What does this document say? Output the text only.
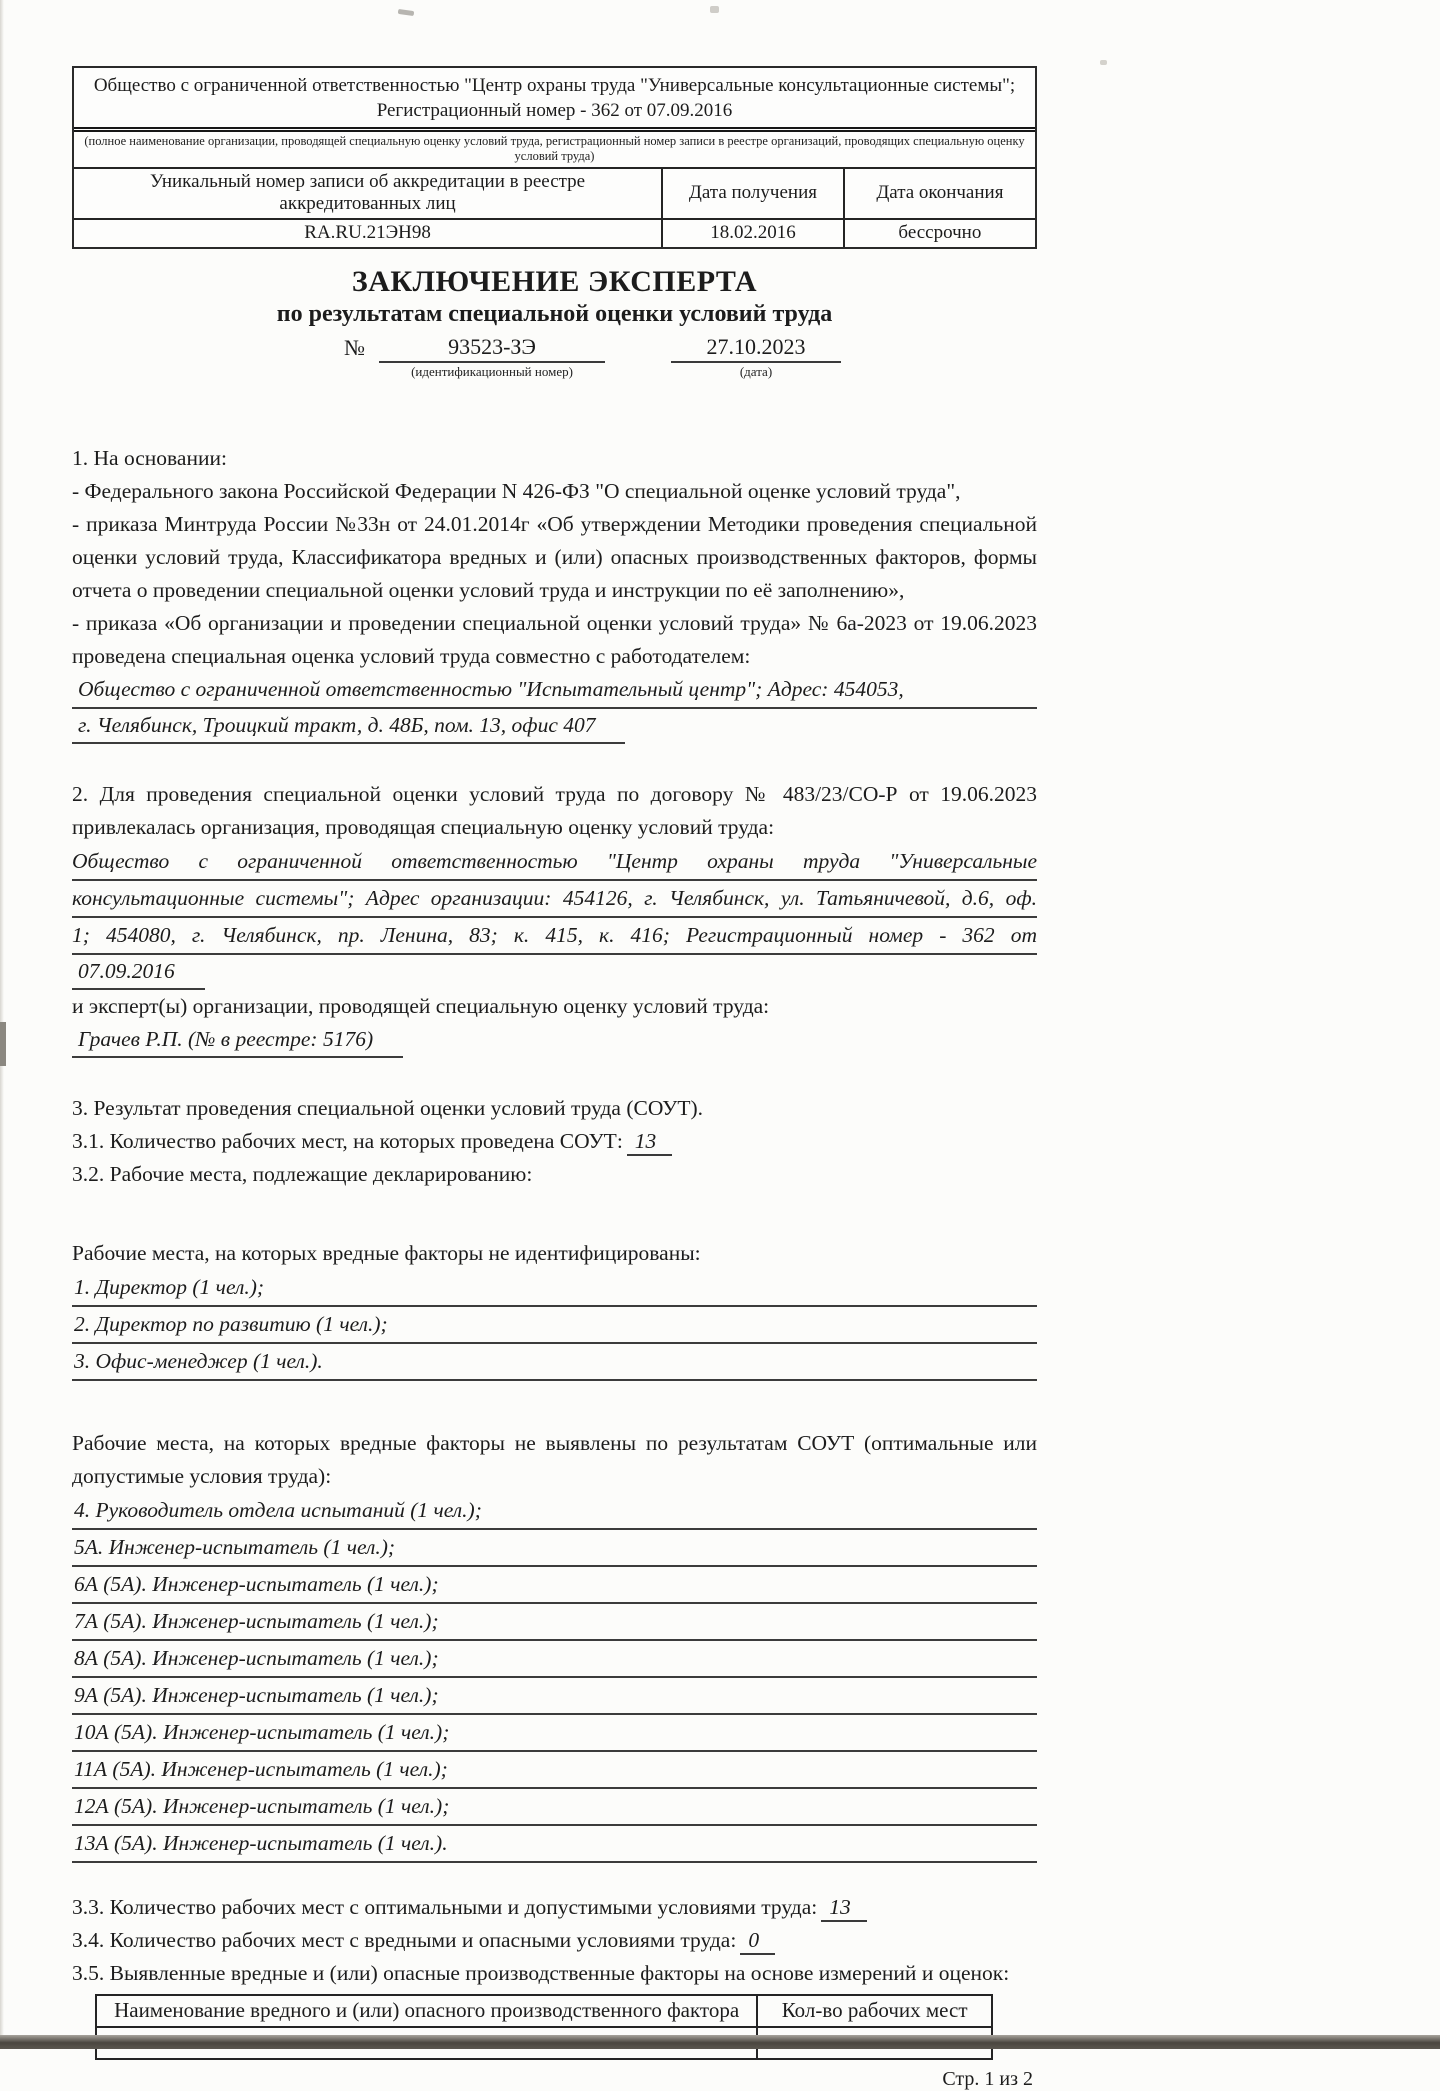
Общество с ограниченной ответственностью "Центр охраны труда "Универсальные консультационные системы"; Регистрационный номер - 362 от 07.09.2016
(полное наименование организации, проводящей специальную оценку условий труда, регистрационный номер записи в реестре организаций, проводящих специальную оценку условий труда)
Уникальный номер записи об аккредитации в реестре аккредитованных лиц	Дата получения	Дата окончания
RA.RU.21ЭН98	18.02.2016	бессрочно
ЗАКЛЮЧЕНИЕ ЭКСПЕРТА
по результатам специальной оценки условий труда
№	93523-ЗЭ
(идентификационный номер)
27.10.2023
(дата)

1. На основании:

- Федерального закона Российской Федерации N 426-ФЗ "О специальной оценке условий труда",

- приказа Минтруда России №33н от 24.01.2014г «Об утверждении Методики проведения специальной оценки условий труда, Классификатора вредных и (или) опасных производственных факторов, формы отчета о проведении специальной оценки условий труда и инструкции по её заполнению»,

- приказа «Об организации и проведении специальной оценки условий труда» № 6а-2023 от 19.06.2023 проведена специальная оценка условий труда совместно с работодателем:

Общество с ограниченной ответственностью "Испытательный центр"; Адрес: 454053,
г. Челябинск, Троицкий тракт, д. 48Б, пом. 13, офис 407

2. Для проведения специальной оценки условий труда по договору № 483/23/СО-Р от 19.06.2023 привлекалась организация, проводящая специальную оценку условий труда:

Общество с ограниченной ответственностью "Центр охраны труда "Универсальные
консультационные системы"; Адрес организации: 454126, г. Челябинск, ул. Татьяничевой, д.6, оф.
1; 454080, г. Челябинск, пр. Ленина, 83; к. 415, к. 416; Регистрационный номер - 362 от
07.09.2016

и эксперт(ы) организации, проводящей специальную оценку условий труда:

Грачев Р.П. (№ в реестре: 5176)

3. Результат проведения специальной оценки условий труда (СОУТ).

3.1. Количество рабочих мест, на которых проведена СОУТ: 13

3.2. Рабочие места, подлежащие декларированию:

Рабочие места, на которых вредные факторы не идентифицированы:

1. Директор (1 чел.);
2. Директор по развитию (1 чел.);
3. Офис-менеджер (1 чел.).

Рабочие места, на которых вредные факторы не выявлены по результатам СОУТ (оптимальные или допустимые условия труда):

4. Руководитель отдела испытаний (1 чел.);
5А. Инженер-испытатель (1 чел.);
6А (5А). Инженер-испытатель (1 чел.);
7А (5А). Инженер-испытатель (1 чел.);
8А (5А). Инженер-испытатель (1 чел.);
9А (5А). Инженер-испытатель (1 чел.);
10А (5А). Инженер-испытатель (1 чел.);
11А (5А). Инженер-испытатель (1 чел.);
12А (5А). Инженер-испытатель (1 чел.);
13А (5А). Инженер-испытатель (1 чел.).

3.3. Количество рабочих мест с оптимальными и допустимыми условиями труда: 13

3.4. Количество рабочих мест с вредными и опасными условиями труда: 0

3.5. Выявленные вредные и (или) опасные производственные факторы на основе измерений и оценок:

Наименование вредного и (или) опасного производственного фактора	Кол-во рабочих мест

Стр. 1 из 2
